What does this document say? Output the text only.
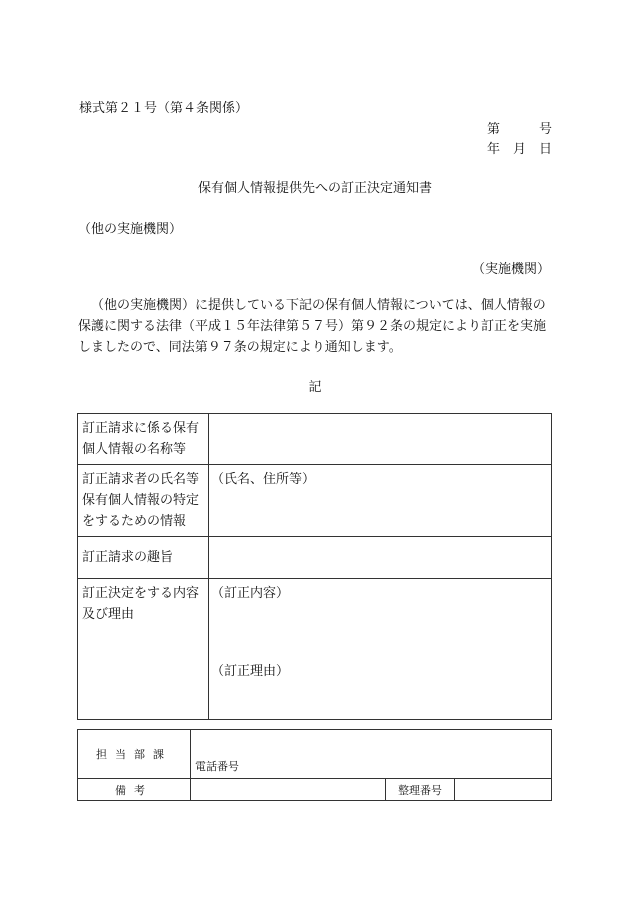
様式第２１号（第４条関係）
第　　　号
年　月　日
保有個人情報提供先への訂正決定通知書
（他の実施機関）
（実施機関）
（他の実施機関）に提供している下記の保有個人情報については、個人情報の保護に関する法律（平成１５年法律第５７号）第９２条の規定により訂正を実施しましたので、同法第９７条の規定により通知します。
記
訂正請求に係る保有個人情報の名称等	
訂正請求者の氏名等保有個人情報の特定をするための情報	（氏名、住所等）
訂正請求の趣旨	
訂正決定をする内容及び理由	（訂正内容）
（訂正理由）
担当部課	電話番号		
備考		整理番号	
